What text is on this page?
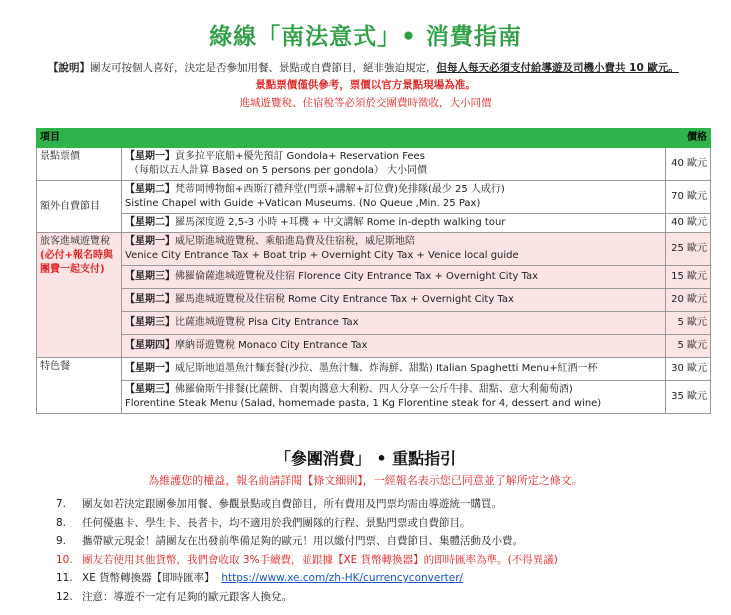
綠線「南法意式」• 消費指南
【說明】團友可按個人喜好，決定是否參加用餐、景點或自費節目，絕非強迫規定，但每人每天必須支付給導遊及司機小費共 10 歐元。
景點票價僅供參考，票價以官方景點現場為准。
進城遊覽稅、住宿稅等必須於交團費時徵收，大小同價
項目		價格
景點票價	【星期一】貢多拉平底船+優先預訂 Gondola+ Reservation Fees
（每船以五人計算 Based on 5 persons per gondola） 大小同價	40 歐元
額外自費節目	【星期二】梵蒂岡博物館+西斯汀禮拜堂(門票+講解+訂位費)免排隊(最少 25 人成行)
Sistine Chapel with Guide +Vatican Museums. (No Queue ,Min. 25 Pax)	70 歐元
	【星期二】羅馬深度遊 2,5-3 小時 +耳機 + 中文講解 Rome in-depth walking tour	40 歐元
旅客進城遊覽稅
(必付+報名時與團費一起支付)	【星期一】威尼斯進城遊覽稅、乘船進島費及住宿稅，威尼斯地陪
Venice City Entrance Tax + Boat trip + Overnight City Tax + Venice local guide	25 歐元
	【星期三】佛羅倫薩進城遊覽稅及住宿 Florence City Entrance Tax + Overnight City Tax	15 歐元
	【星期二】羅馬進城遊覽稅及住宿稅 Rome City Entrance Tax + Overnight City Tax	20 歐元
	【星期三】比薩進城遊覽稅 Pisa City Entrance Tax	5 歐元
	【星期四】摩納哥遊覽稅 Monaco City Entrance Tax	5 歐元
特色餐	【星期一】威尼斯地道墨魚汁麵套餐(沙拉、墨魚汁麵、炸海鮮、甜點) Italian Spaghetti Menu+紅酒一杯	30 歐元
	【星期三】佛羅倫斯牛排餐(比薩餅、自製肉醬意大利粉、四人分享一公斤牛排、甜點、意大利葡萄酒)
Florentine Steak Menu (Salad, homemade pasta, 1 Kg Florentine steak for 4, dessert and wine)	35 歐元
「參團消費」 • 重點指引
為維護您的權益，報名前請詳閱【條文細則】，一經報名表示您已同意並了解所定之條文。
7. 團友如若決定跟團參加用餐、參觀景點或自費節目，所有費用及門票均需由導遊統一購買。
8. 任何優惠卡、學生卡、長者卡，均不適用於我們團隊的行程、景點門票或自費節目。
9. 攜帶歐元現金！請團友在出發前準備足夠的歐元！用以繳付門票、自費節目、集體活動及小費。
10. 團友若使用其他貨幣，我們會收取 3%手續費，並跟據【XE 貨幣轉換器】的即時匯率為準。(不得異議)
11. XE 貨幣轉換器【即時匯率】 https://www.xe.com/zh-HK/currencyconverter/
12. 注意：導遊不一定有足夠的歐元跟客人換兌。
